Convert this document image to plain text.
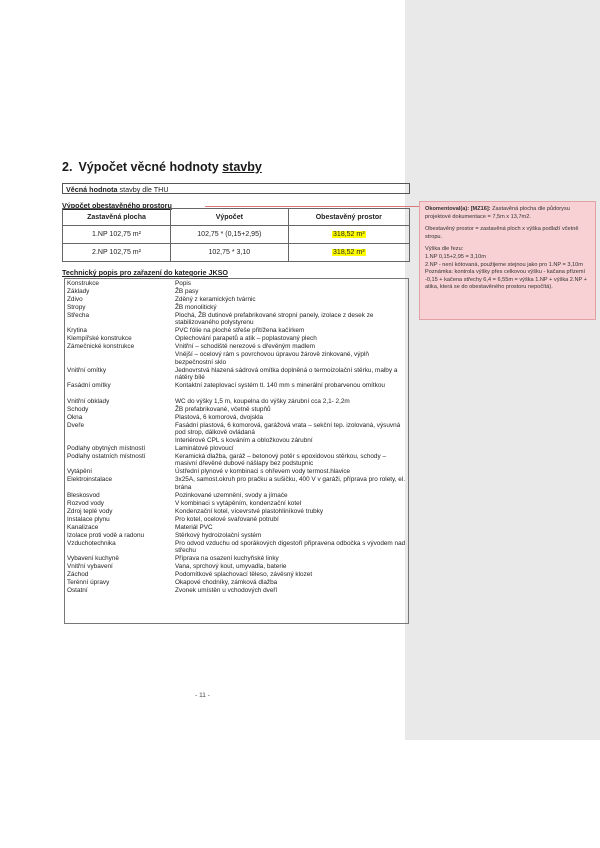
2. Výpočet věcné hodnoty stavby
Věcná hodnota stavby dle THU
Výpočet obestavěného prostoru
Zastavěná plocha	Výpočet	Obestavěný prostor
1.NP 102,75 m²	102,75 * (0,15+2,95)	318,52 m³
2.NP 102,75 m²	102,75 * 3,10	318,52 m³
Technický popis pro zařazení do kategorie JKSO
Konstrukce	Popis
Základy	ŽB pasy
Zdivo	Zděný z keramických tvárnic
Stropy	ŽB monolitický
Střecha	Plochá, ŽB dutinové prefabrikované stropní panely, izolace z desek ze stabilizovaného polystyrenu
Krytina	PVC fólie na ploché střeše přitížena kačírkem
Klempířské konstrukce	Oplechování parapetů a atik – poplastovaný plech
Zámečnické konstrukce	Vnitřní – schodiště nerezové s dřevěným madlem
Vnější – ocelový rám s povrchovou úpravou žárově zinkované, výplň bezpečnostní sklo
Vnitřní omítky	Jednovrstvá hlazená sádrová omítka doplněná o termoizolační stěrku, malby a nátěry bílé
Fasádní omítky	Kontaktní zateplovací systém tl. 140 mm s minerální probarvenou omítkou
Vnitřní obklady	WC do výšky 1,5 m, koupelna do výšky zárubní cca 2,1- 2,2m
Schody	ŽB prefabrikované, včetně stupňů
Okna	Plastová, 6 komorová, dvojskla
Dveře	Fasádní plastová, 6 komorová, garážová vrata – sekční tep. izolovaná, výsuvná pod strop, dálkově ovládaná
Interiérové CPL s kováním a obložkovou zárubní
Podlahy obytných místností	Laminátové plovoucí
Podlahy ostatních místností	Keramická dlažba, garáž – betonový potěr s epoxidovou stěrkou, schody – masivní dřevěné dubové nášlapy bez podstupnic
Vytápění	Ústřední plynové v kombinaci s ohřevem vody termost.hlavice
Elektroinstalace	3x25A, samost.okruh pro pračku a sušičku, 400 V v garáži, příprava pro rolety, el. brána
Bleskosvod	Pozinkované uzemnění, svody a jímače
Rozvod vody	V kombinaci s vytápěním, kondenzační kotel
Zdroj teplé vody	Kondenzační kotel, vícevrstvé plastohliníkové trubky
Instalace plynu	Pro kotel, ocelové svařované potrubí
Kanalizace	Materiál PVC
Izolace proti vodě a radonu	Stěrkový hydroizolační systém
Vzduchotechnika	Pro odvod vzduchu od sporákových digestoří připravena odbočka s vývodem nad střechu
Vybavení kuchyně	Příprava na osazení kuchyňské linky
Vnitřní vybavení	Vana, sprchový kout, umyvadla, baterie
Záchod	Podomítkové splachovací těleso, závěsný klozet
Terénní úpravy	Okapové chodníky, zámková dlažba
Ostatní	Zvonek umístěn u vchodových dveří
- 11 -

Okomentoval(a): [MZ16]: Zastavěná plocha dle půdorysu projektové dokumentace = 7,5m x 13,7m2.

Obestavěný prostor = zastavěná ploch x výška podlaží včetně stropu.

Výška dle řezu:
1.NP 0,15+2,95 = 3,10m
2.NP - není kótovaná, použijeme stejnou jako pro 1.NP = 3,10m
Poznámka: kontrola výšky přes celkovou výšku - kačana přízemí -0,15 + kačena střechy 6,4 = 6,55m = výška 1.NP + výška 2.NP + atika, která se do obestavěného prostoru nepočítá).
